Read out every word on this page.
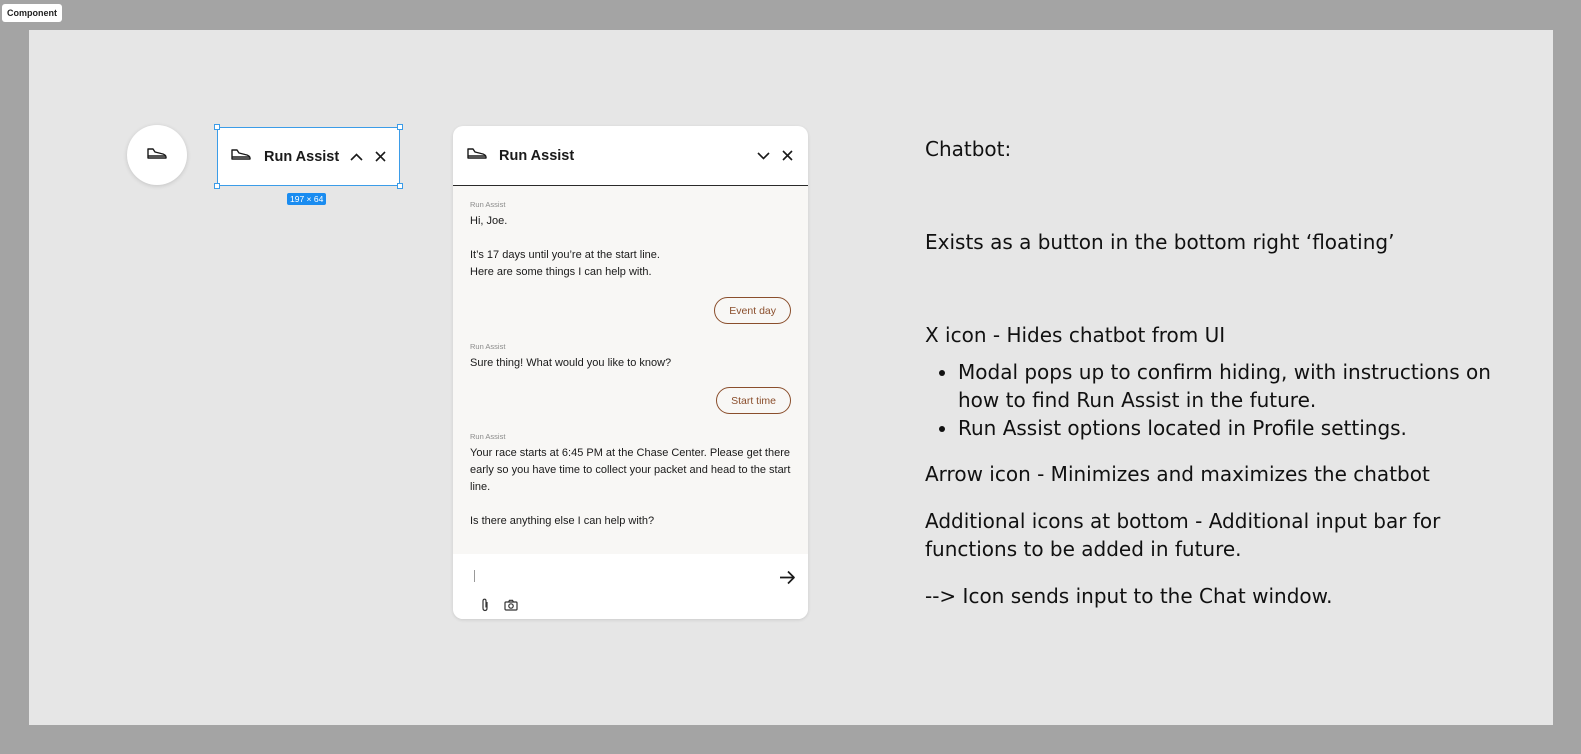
Component
Run Assist
197 × 64
Run Assist
Run Assist

Hi, Joe.

It’s 17 days until you’re at the start line.
Here are some things I can help with.

Event day
Run Assist

Sure thing! What would you like to know?

Start time
Run Assist

Your race starts at 6:45 PM at the Chase Center. Please get there early so you have time to collect your packet and head to the start line.

Is there anything else I can help with?

Chatbot:

Exists as a button in the bottom right ‘floating’

X icon - Hides chatbot from UI

• Modal pops up to confirm hiding, with instructions on how to find Run Assist in the future.
• Run Assist options located in Profile settings.

Arrow icon - Minimizes and maximizes the chatbot

Additional icons at bottom - Additional input bar for functions to be added in future.

--> Icon sends input to the Chat window.
